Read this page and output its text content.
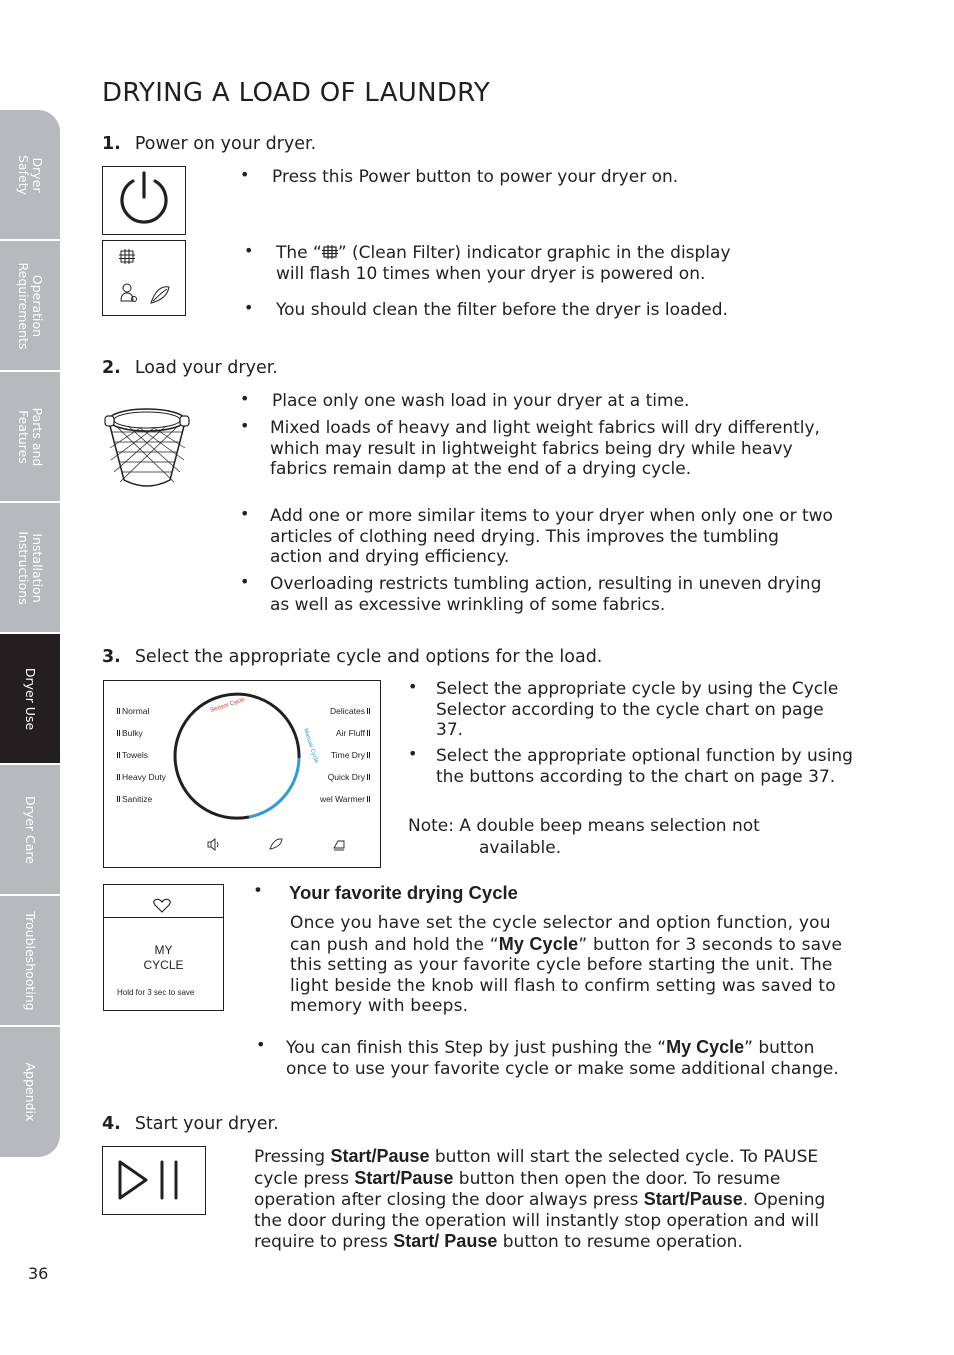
Dryer
Safety
Operation
Requirements
Parts and
Features
Installation
Instructions
Dryer Use
Dryer Care
Troubleshooting
Appendix
DRYING A LOAD OF LAUNDRY
1. Power on your dryer.
• Press this Power button to power your dryer on.
• The “ ” (Clean Filter) indicator graphic in the display
will flash 10 times when your dryer is powered on.
• You should clean the filter before the dryer is loaded.
2. Load your dryer.
• Place only one wash load in your dryer at a time.
• Mixed loads of heavy and light weight fabrics will dry differently, which may result in lightweight fabrics being dry while heavy fabrics remain damp at the end of a drying cycle.
• Add one or more similar items to your dryer when only one or two articles of clothing need drying. This improves the tumbling action and drying efficiency.
• Overloading restricts tumbling action, resulting in uneven drying as well as excessive wrinkling of some fabrics.
3. Select the appropriate cycle and options for the load.
Sensor Cycle
Manual Cycle
Normal
Bulky
Towels
Heavy Duty
Sanitize
Delicates
Air Fluff
Time Dry
Quick Dry
wel Warmer
• Select the appropriate cycle by using the Cycle Selector according to the cycle chart on page 37.
• Select the appropriate optional function by using the buttons according to the chart on page 37.
Note: A double beep means selection not
available.
MY
CYCLE
Hold for 3 sec to save
• Your favorite drying Cycle
Once you have set the cycle selector and option function, you can push and hold the “My Cycle” button for 3 seconds to save this setting as your favorite cycle before starting the unit. The light beside the knob will flash to confirm setting was saved to memory with beeps.
• You can finish this Step by just pushing the “My Cycle” button once to use your favorite cycle or make some additional change.
4. Start your dryer.
Pressing Start/Pause button will start the selected cycle. To PAUSE cycle press Start/Pause button then open the door. To resume operation after closing the door always press Start/Pause. Opening the door during the operation will instantly stop operation and will require to press Start/ Pause button to resume operation.
36
